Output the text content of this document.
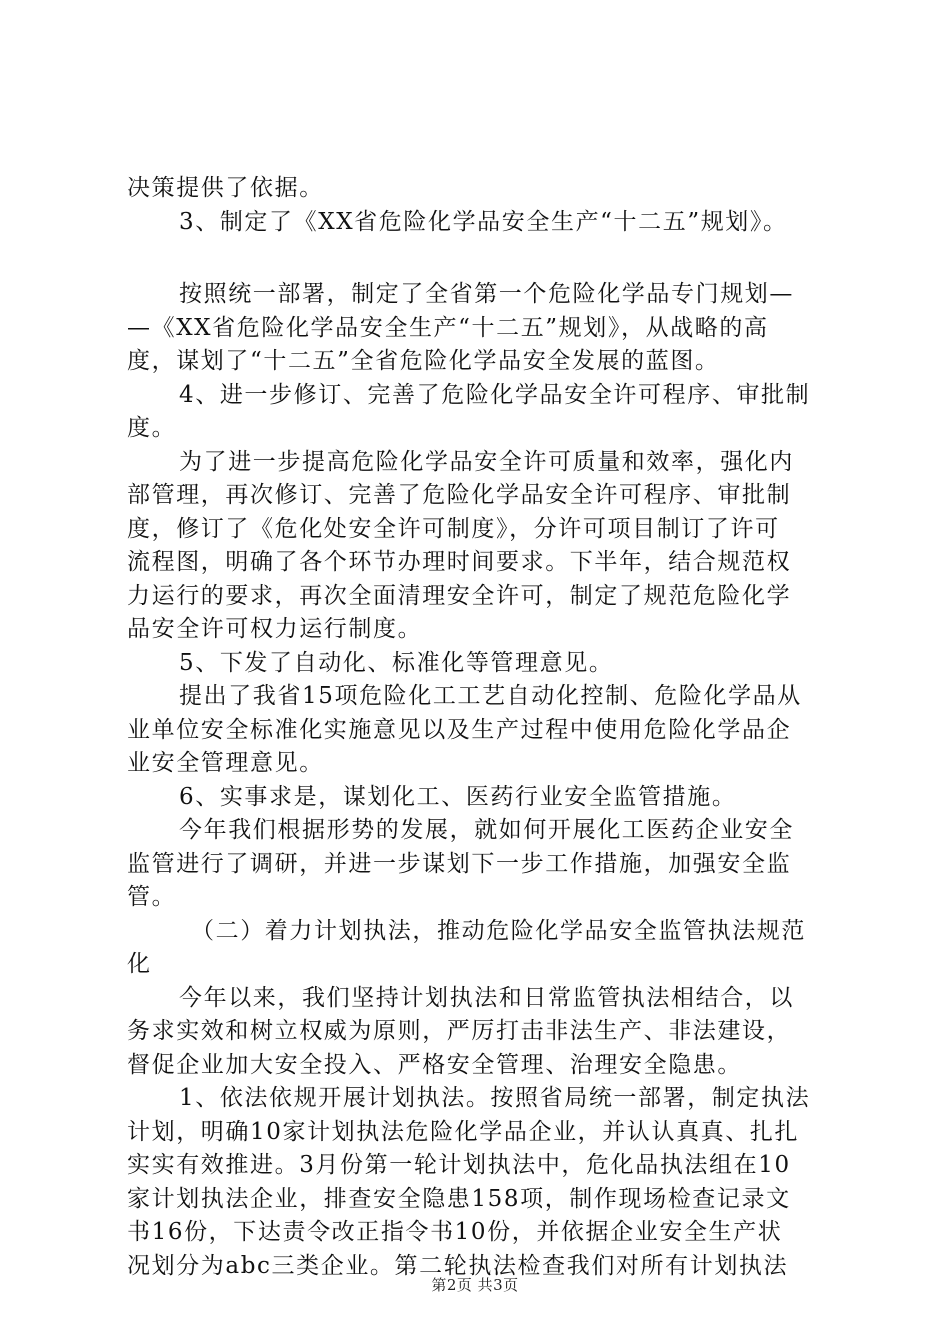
决策提供了依据。
3、制定了《XX省危险化学品安全生产“十二五”规划》。
按照统一部署，制定了全省第一个危险化学品专门规划—
—《XX省危险化学品安全生产“十二五”规划》，从战略的高
度，谋划了“十二五”全省危险化学品安全发展的蓝图。
4、进一步修订、完善了危险化学品安全许可程序、审批制
度。
为了进一步提高危险化学品安全许可质量和效率，强化内
部管理，再次修订、完善了危险化学品安全许可程序、审批制
度，修订了《危化处安全许可制度》，分许可项目制订了许可
流程图，明确了各个环节办理时间要求。下半年，结合规范权
力运行的要求，再次全面清理安全许可，制定了规范危险化学
品安全许可权力运行制度。
5、下发了自动化、标准化等管理意见。
提出了我省15项危险化工工艺自动化控制、危险化学品从
业单位安全标准化实施意见以及生产过程中使用危险化学品企
业安全管理意见。
6、实事求是，谋划化工、医药行业安全监管措施。
今年我们根据形势的发展，就如何开展化工医药企业安全
监管进行了调研，并进一步谋划下一步工作措施，加强安全监
管。
（二）着力计划执法，推动危险化学品安全监管执法规范
化
今年以来，我们坚持计划执法和日常监管执法相结合，以
务求实效和树立权威为原则，严厉打击非法生产、非法建设，
督促企业加大安全投入、严格安全管理、治理安全隐患。
1、依法依规开展计划执法。按照省局统一部署，制定执法
计划，明确10家计划执法危险化学品企业，并认认真真、扎扎
实实有效推进。3月份第一轮计划执法中，危化品执法组在10
家计划执法企业，排查安全隐患158项，制作现场检查记录文
书16份，下达责令改正指令书10份，并依据企业安全生产状
况划分为abc三类企业。第二轮执法检查我们对所有计划执法
第2页 共3页
